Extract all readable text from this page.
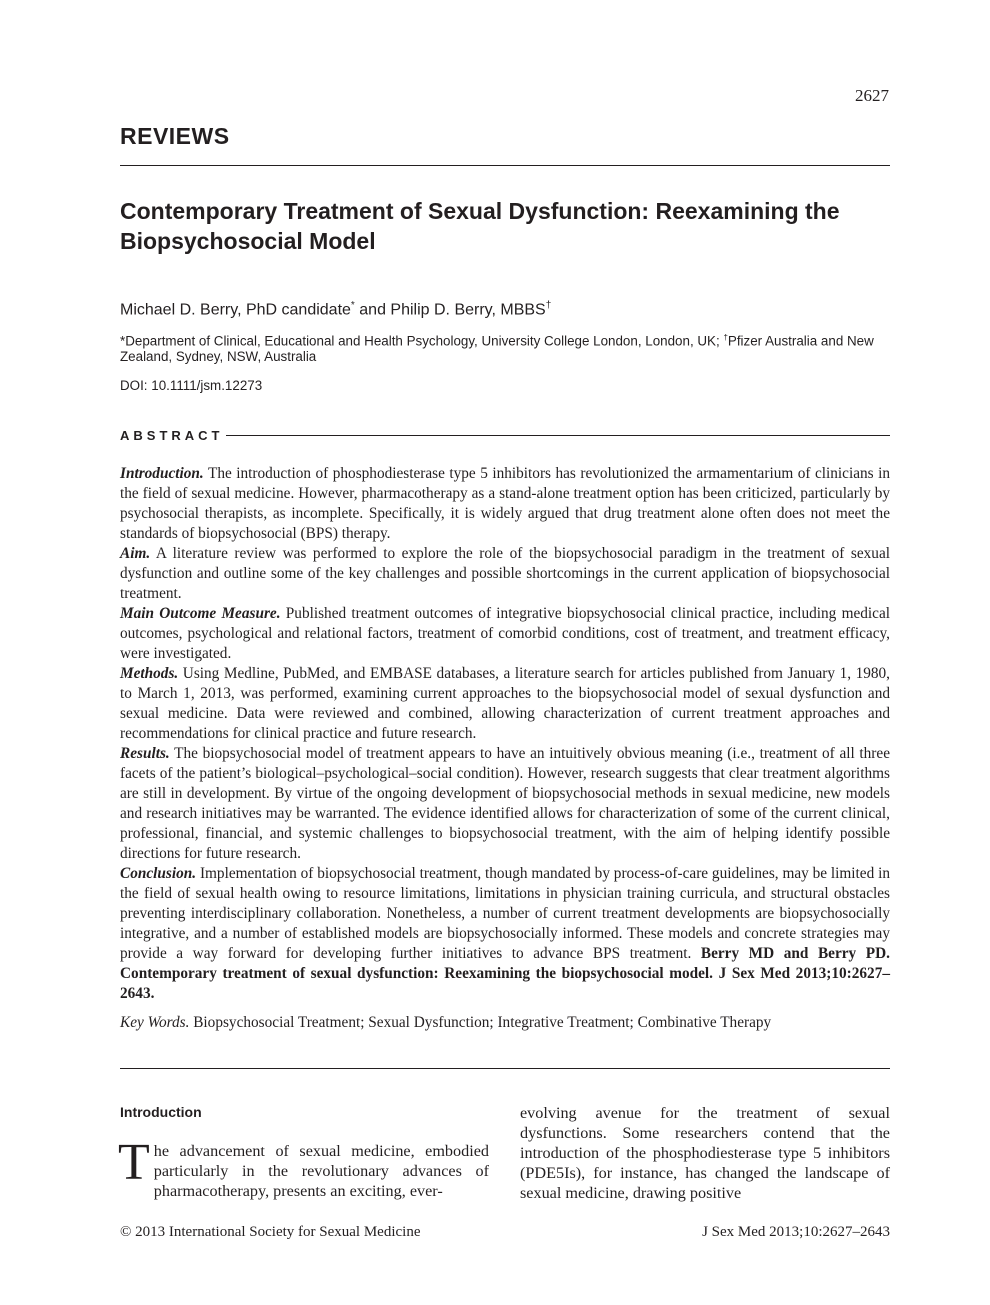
2627
REVIEWS
Contemporary Treatment of Sexual Dysfunction: Reexamining the Biopsychosocial Model
Michael D. Berry, PhD candidate* and Philip D. Berry, MBBS†
*Department of Clinical, Educational and Health Psychology, University College London, London, UK; †Pfizer Australia and New Zealand, Sydney, NSW, Australia
DOI: 10.1111/jsm.12273
ABSTRACT

Introduction. The introduction of phosphodiesterase type 5 inhibitors has revolutionized the armamentarium of clinicians in the field of sexual medicine. However, pharmacotherapy as a stand-alone treatment option has been criticized, particularly by psychosocial therapists, as incomplete. Specifically, it is widely argued that drug treatment alone often does not meet the standards of biopsychosocial (BPS) therapy.

Aim. A literature review was performed to explore the role of the biopsychosocial paradigm in the treatment of sexual dysfunction and outline some of the key challenges and possible shortcomings in the current application of biopsychosocial treatment.

Main Outcome Measure. Published treatment outcomes of integrative biopsychosocial clinical practice, including medical outcomes, psychological and relational factors, treatment of comorbid conditions, cost of treatment, and treatment efficacy, were investigated.

Methods. Using Medline, PubMed, and EMBASE databases, a literature search for articles published from January 1, 1980, to March 1, 2013, was performed, examining current approaches to the biopsychosocial model of sexual dysfunction and sexual medicine. Data were reviewed and combined, allowing characterization of current treatment approaches and recommendations for clinical practice and future research.

Results. The biopsychosocial model of treatment appears to have an intuitively obvious meaning (i.e., treatment of all three facets of the patient’s biological–psychological–social condition). However, research suggests that clear treatment algorithms are still in development. By virtue of the ongoing development of biopsychosocial methods in sexual medicine, new models and research initiatives may be warranted. The evidence identified allows for characterization of some of the current clinical, professional, financial, and systemic challenges to biopsychosocial treatment, with the aim of helping identify possible directions for future research.

Conclusion. Implementation of biopsychosocial treatment, though mandated by process-of-care guidelines, may be limited in the field of sexual health owing to resource limitations, limitations in physician training curricula, and structural obstacles preventing interdisciplinary collaboration. Nonetheless, a number of current treatment developments are biopsychosocially integrative, and a number of established models are biopsychosocially informed. These models and concrete strategies may provide a way forward for developing further initiatives to advance BPS treatment. Berry MD and Berry PD. Contemporary treatment of sexual dysfunction: Reexamining the biopsychosocial model. J Sex Med 2013;10:2627–2643.

Key Words. Biopsychosocial Treatment; Sexual Dysfunction; Integrative Treatment; Combinative Therapy
Introduction
The advancement of sexual medicine, embodied particularly in the revolutionary advances of pharmacotherapy, presents an exciting, ever-
evolving avenue for the treatment of sexual dysfunctions. Some researchers contend that the introduction of the phosphodiesterase type 5 inhibitors (PDE5Is), for instance, has changed the landscape of sexual medicine, drawing positive
© 2013 International Society for Sexual Medicine	J Sex Med 2013;10:2627–2643
